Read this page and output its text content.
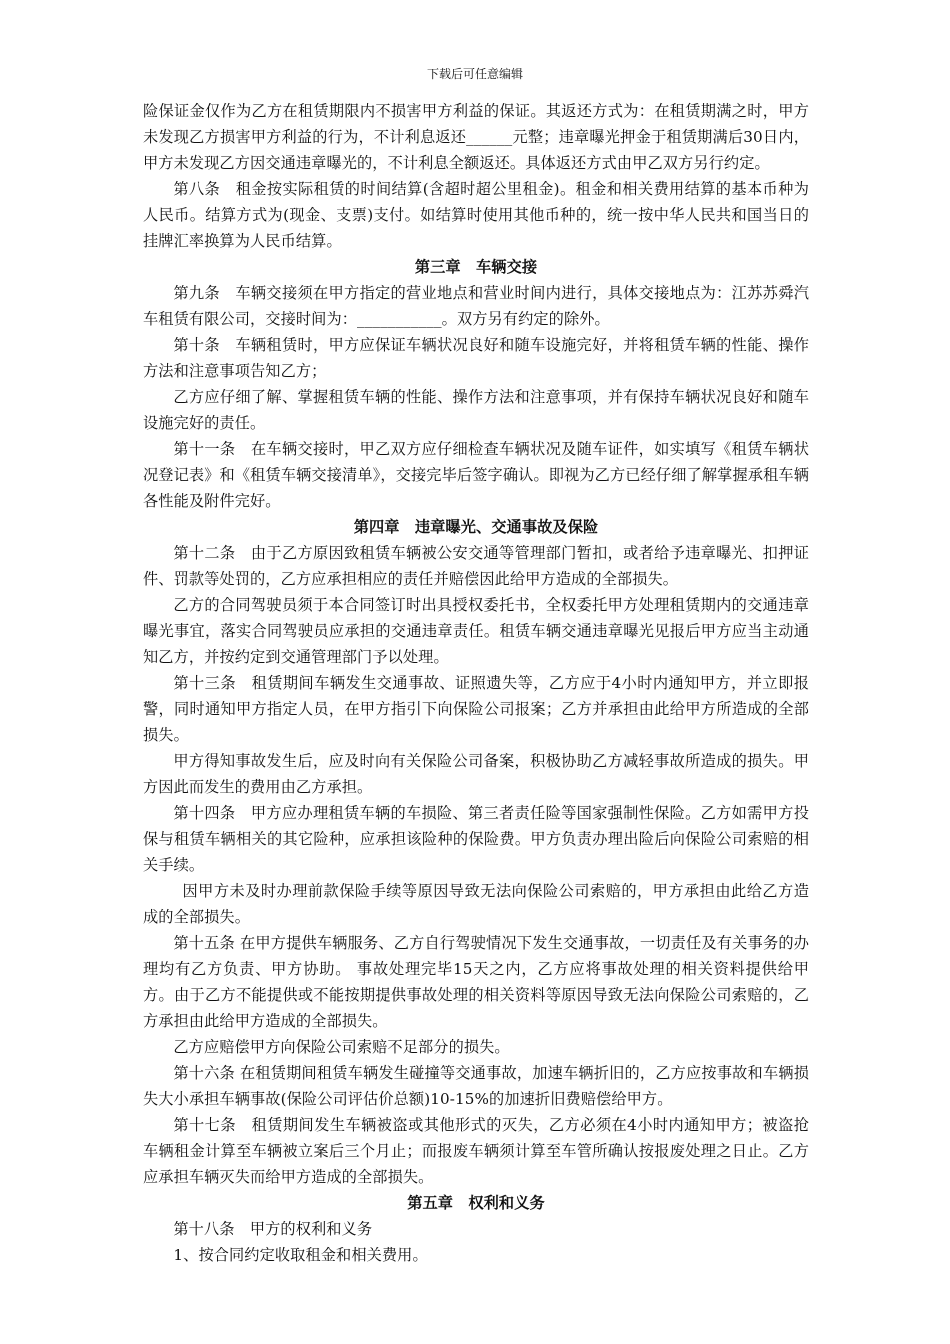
下载后可任意编辑

险保证金仅作为乙方在租赁期限内不损害甲方利益的保证。其返还方式为：在租赁期满之时，甲方未发现乙方损害甲方利益的行为，不计利息返还______元整；违章曝光押金于租赁期满后30日内，甲方未发现乙方因交通违章曝光的，不计利息全额返还。具体返还方式由甲乙双方另行约定。

第八条　租金按实际租赁的时间结算(含超时超公里租金)。租金和相关费用结算的基本币种为人民币。结算方式为(现金、支票)支付。如结算时使用其他币种的，统一按中华人民共和国当日的挂牌汇率换算为人民币结算。

第三章　车辆交接

第九条　车辆交接须在甲方指定的营业地点和营业时间内进行，具体交接地点为：江苏苏舜汽车租赁有限公司，交接时间为：___________。双方另有约定的除外。

第十条　车辆租赁时，甲方应保证车辆状况良好和随车设施完好，并将租赁车辆的性能、操作方法和注意事项告知乙方；

乙方应仔细了解、掌握租赁车辆的性能、操作方法和注意事项，并有保持车辆状况良好和随车设施完好的责任。

第十一条　在车辆交接时，甲乙双方应仔细检查车辆状况及随车证件，如实填写《租赁车辆状况登记表》和《租赁车辆交接清单》，交接完毕后签字确认。即视为乙方已经仔细了解掌握承租车辆各性能及附件完好。

第四章　违章曝光、交通事故及保险

第十二条　由于乙方原因致租赁车辆被公安交通等管理部门暂扣，或者给予违章曝光、扣押证件、罚款等处罚的，乙方应承担相应的责任并赔偿因此给甲方造成的全部损失。

乙方的合同驾驶员须于本合同签订时出具授权委托书，全权委托甲方处理租赁期内的交通违章曝光事宜，落实合同驾驶员应承担的交通违章责任。租赁车辆交通违章曝光见报后甲方应当主动通知乙方，并按约定到交通管理部门予以处理。

第十三条　租赁期间车辆发生交通事故、证照遗失等，乙方应于4小时内通知甲方，并立即报警，同时通知甲方指定人员，在甲方指引下向保险公司报案；乙方并承担由此给甲方所造成的全部损失。

甲方得知事故发生后，应及时向有关保险公司备案，积极协助乙方减轻事故所造成的损失。甲方因此而发生的费用由乙方承担。

第十四条　甲方应办理租赁车辆的车损险、第三者责任险等国家强制性保险。乙方如需甲方投保与租赁车辆相关的其它险种，应承担该险种的保险费。甲方负责办理出险后向保险公司索赔的相关手续。

因甲方未及时办理前款保险手续等原因导致无法向保险公司索赔的，甲方承担由此给乙方造成的全部损失。

第十五条 在甲方提供车辆服务、乙方自行驾驶情况下发生交通事故，一切责任及有关事务的办理均有乙方负责、甲方协助。 事故处理完毕15天之内，乙方应将事故处理的相关资料提供给甲方。由于乙方不能提供或不能按期提供事故处理的相关资料等原因导致无法向保险公司索赔的，乙方承担由此给甲方造成的全部损失。

乙方应赔偿甲方向保险公司索赔不足部分的损失。

第十六条 在租赁期间租赁车辆发生碰撞等交通事故，加速车辆折旧的，乙方应按事故和车辆损失大小承担车辆事故(保险公司评估价总额)10-15%的加速折旧费赔偿给甲方。

第十七条　租赁期间发生车辆被盗或其他形式的灭失，乙方必须在4小时内通知甲方；被盗抢车辆租金计算至车辆被立案后三个月止；而报废车辆须计算至车管所确认按报废处理之日止。乙方应承担车辆灭失而给甲方造成的全部损失。

第五章　权利和义务

第十八条　甲方的权利和义务

1、按合同约定收取租金和相关费用。
